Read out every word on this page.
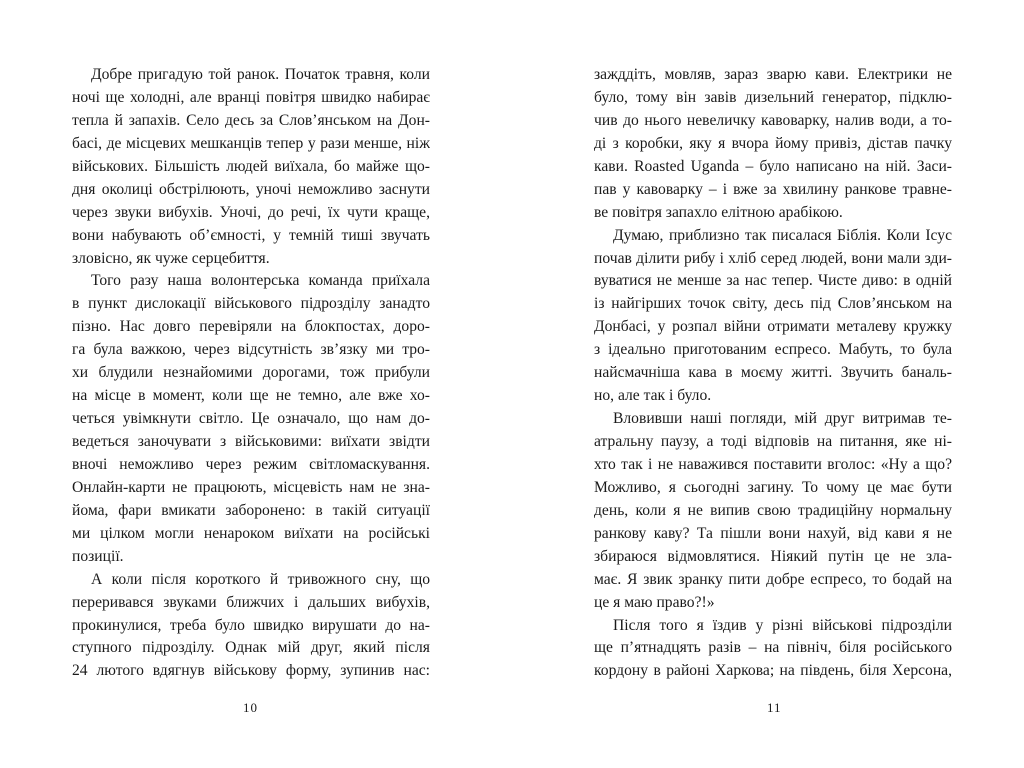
Добре пригадую той ранок. Початок травня, коли
ночі ще холодні, але вранці повітря швидко набирає
тепла й запахів. Село десь за Слов’янськом на Дон-
басі, де місцевих мешканців тепер у рази менше, ніж
військових. Більшість людей виїхала, бо майже що-
дня околиці обстрілюють, уночі неможливо заснути
через звуки вибухів. Уночі, до речі, їх чути краще,
вони набувають об’ємності, у темній тиші звучать
зловісно, як чуже серцебиття.
Того разу наша волонтерська команда приїхала
в пункт дислокації військового підрозділу занадто
пізно. Нас довго перевіряли на блокпостах, доро-
га була важкою, через відсутність зв’язку ми тро-
хи блудили незнайомими дорогами, тож прибули
на місце в момент, коли ще не темно, але вже хо-
четься увімкнути світло. Це означало, що нам до-
ведеться заночувати з військовими: виїхати звідти
вночі неможливо через режим світломаскування.
Онлайн-карти не працюють, місцевість нам не зна-
йома, фари вмикати заборонено: в такій ситуації
ми цілком могли ненароком виїхати на російські
позиції.
А коли після короткого й тривожного сну, що
переривався звуками ближчих і дальших вибухів,
прокинулися, треба було швидко вирушати до на-
ступного підрозділу. Однак мій друг, який після
24 лютого вдягнув військову форму, зупинив нас:
зажддіть, мовляв, зараз зварю кави. Електрики не
було, тому він завів дизельний генератор, підклю-
чив до нього невеличку кавоварку, налив води, а то-
ді з коробки, яку я вчора йому привіз, дістав пачку
кави. Roasted Uganda – було написано на ній. Заси-
пав у кавоварку – і вже за хвилину ранкове травне-
ве повітря запахло елітною арабікою.
Думаю, приблизно так писалася Біблія. Коли Ісус
почав ділити рибу і хліб серед людей, вони мали зди-
вуватися не менше за нас тепер. Чисте диво: в одній
із найгірших точок світу, десь під Слов’янськом на
Донбасі, у розпал війни отримати металеву кружку
з ідеально приготованим еспресо. Мабуть, то була
найсмачніша кава в моєму житті. Звучить баналь-
но, але так і було.
Вловивши наші погляди, мій друг витримав те-
атральну паузу, а тоді відповів на питання, яке ні-
хто так і не наважився поставити вголос: «Ну а що?
Можливо, я сьогодні загину. То чому це має бути
день, коли я не випив свою традиційну нормальну
ранкову каву? Та пішли вони нахуй, від кави я не
збираюся відмовлятися. Ніякий путін це не зла-
має. Я звик зранку пити добре еспресо, то бодай на
це я маю право?!»
Після того я їздив у різні військові підрозділи
ще п’ятнадцять разів – на північ, біля російського
кордону в районі Харкова; на південь, біля Херсона,
10	11
